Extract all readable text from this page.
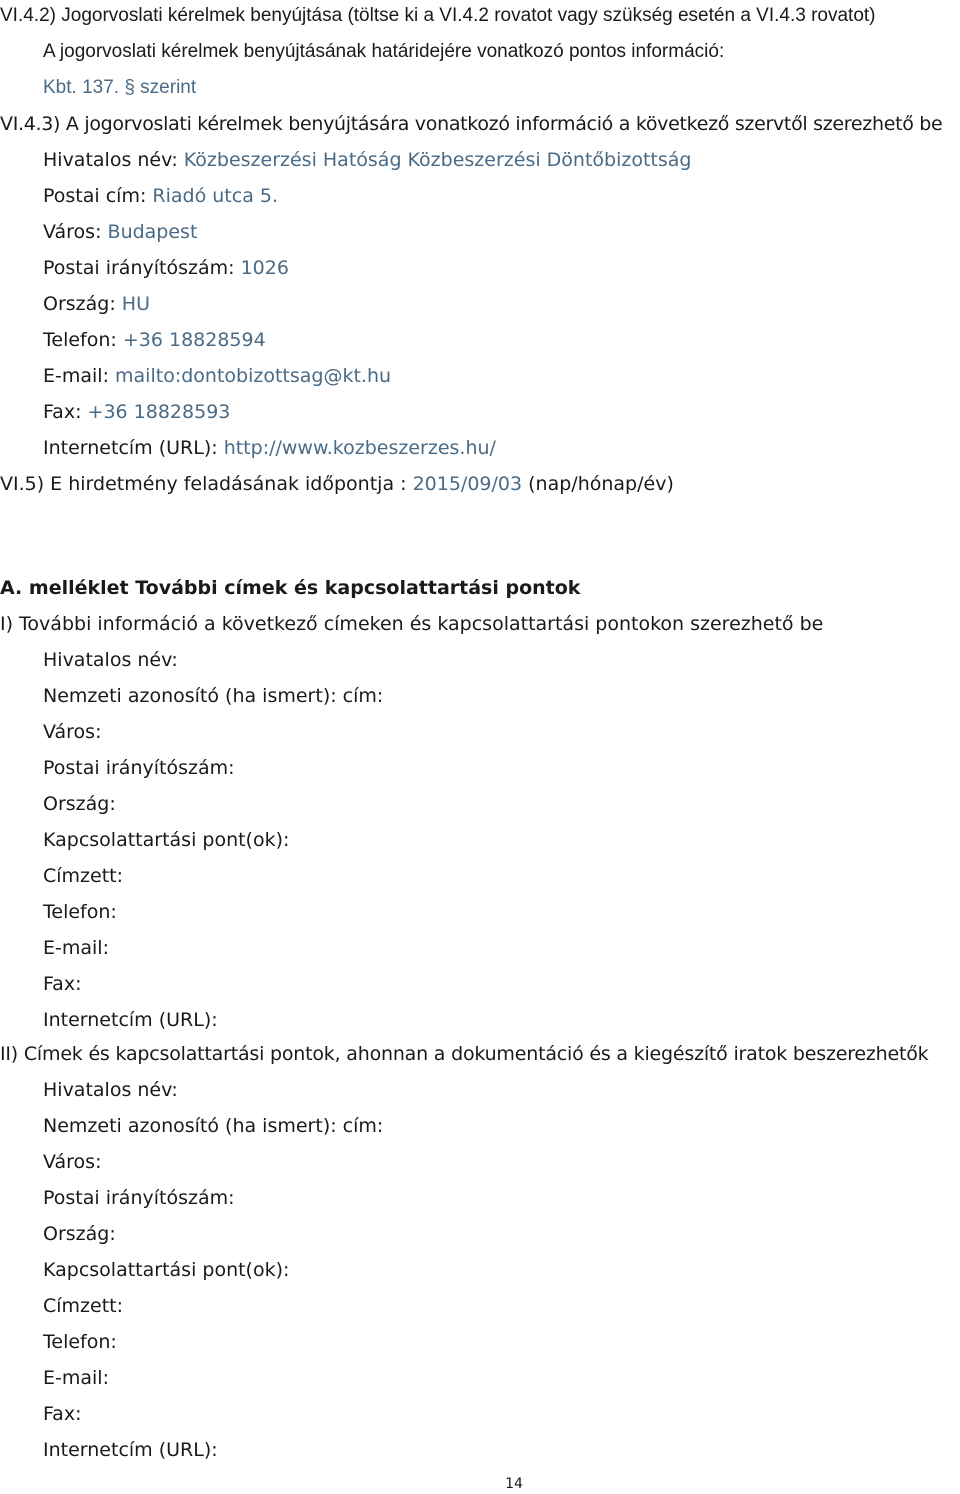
VI.4.2) Jogorvoslati kérelmek benyújtása (töltse ki a VI.4.2 rovatot vagy szükség esetén a VI.4.3 rovatot)
A jogorvoslati kérelmek benyújtásának határidejére vonatkozó pontos információ:
Kbt. 137. § szerint
VI.4.3) A jogorvoslati kérelmek benyújtására vonatkozó információ a következő szervtől szerezhető be
Hivatalos név: Közbeszerzési Hatóság Közbeszerzési Döntőbizottság
Postai cím: Riadó utca 5.
Város: Budapest
Postai irányítószám: 1026
Ország: HU
Telefon: +36 18828594
E-mail: mailto:dontobizottsag@kt.hu
Fax: +36 18828593
Internetcím (URL): http://www.kozbeszerzes.hu/
VI.5) E hirdetmény feladásának időpontja : 2015/09/03 (nap/hónap/év)
A. melléklet További címek és kapcsolattartási pontok
I) További információ a következő címeken és kapcsolattartási pontokon szerezhető be
Hivatalos név:
Nemzeti azonosító (ha ismert): cím:
Város:
Postai irányítószám:
Ország:
Kapcsolattartási pont(ok):
Címzett:
Telefon:
E-mail:
Fax:
Internetcím (URL):
II) Címek és kapcsolattartási pontok, ahonnan a dokumentáció és a kiegészítő iratok beszerezhetők
Hivatalos név:
Nemzeti azonosító (ha ismert): cím:
Város:
Postai irányítószám:
Ország:
Kapcsolattartási pont(ok):
Címzett:
Telefon:
E-mail:
Fax:
Internetcím (URL):
14
